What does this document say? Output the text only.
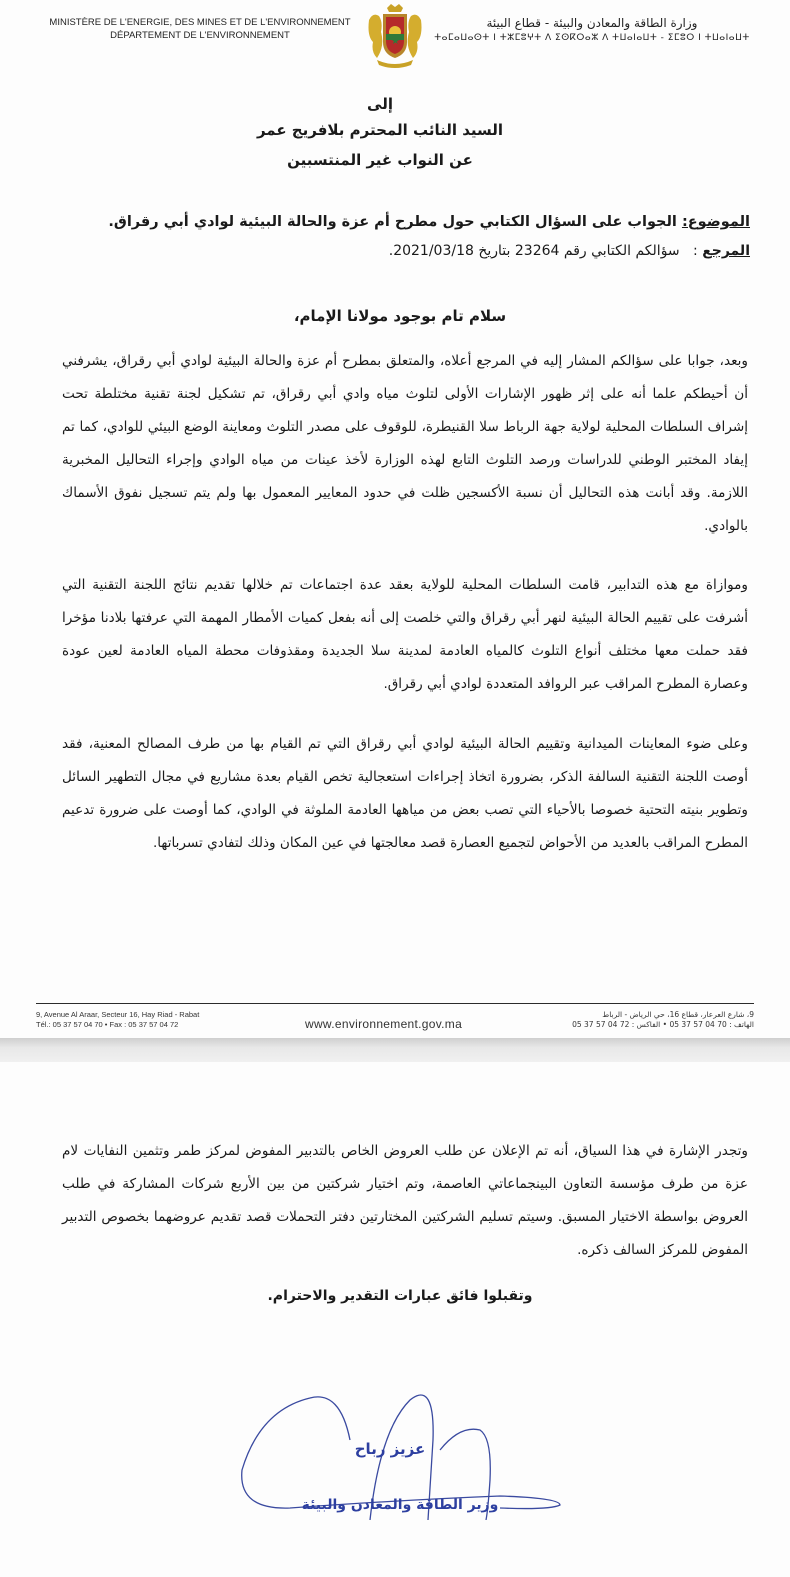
MINISTÈRE DE L'ENERGIE, DES MINES ET DE L'ENVIRONNEMENT
DÉPARTEMENT DE L'ENVIRONNEMENT
وزارة الطاقة والمعادن والبيئة - قطاع البيئة
ⵜⴰⵎⴰⵡⴰⵙⵜ ⵏ ⵜⵣⵎⵓⵖⵜ ⴷ ⵉⵙⴽⵔⴰⵣ ⴷ ⵜⵡⴰⵏⴰⵡⵜ - ⵉⵎⵓⵔ ⵏ ⵜⵡⴰⵏⴰⵡⵜ
إلى
السيد النائب المحترم بلافريج عمر
عن النواب غير المنتسبين
الموضوع: الجواب على السؤال الكتابي حول مطرح أم عزة والحالة البيئية لوادي أبي رقراق.
المرجع :   سؤالكم الكتابي رقم 23264 بتاريخ 2021/03/18.
سلام تام بوجود مولانا الإمام،
وبعد، جوابا على سؤالكم المشار إليه في المرجع أعلاه، والمتعلق بمطرح أم عزة والحالة البيئية لوادي أبي رقراق، يشرفني أن أحيطكم علما أنه على إثر ظهور الإشارات الأولى لتلوث مياه وادي أبي رقراق، تم تشكيل لجنة تقنية مختلطة تحت إشراف السلطات المحلية لولاية جهة الرباط سلا القنيطرة، للوقوف على مصدر التلوث ومعاينة الوضع البيئي للوادي، كما تم إيفاد المختبر الوطني للدراسات ورصد التلوث التابع لهذه الوزارة لأخذ عينات من مياه الوادي وإجراء التحاليل المخبرية اللازمة. وقد أبانت هذه التحاليل أن نسبة الأكسجين ظلت في حدود المعايير المعمول بها ولم يتم تسجيل نفوق الأسماك بالوادي.
وموازاة مع هذه التدابير، قامت السلطات المحلية للولاية بعقد عدة اجتماعات تم خلالها تقديم نتائج اللجنة التقنية التي أشرفت على تقييم الحالة البيئية لنهر أبي رقراق والتي خلصت إلى أنه بفعل كميات الأمطار المهمة التي عرفتها بلادنا مؤخرا فقد حملت معها مختلف أنواع التلوث كالمياه العادمة لمدينة سلا الجديدة ومقذوفات محطة المياه العادمة لعين عودة وعصارة المطرح المراقب عبر الروافد المتعددة لوادي أبي رقراق.
وعلى ضوء المعاينات الميدانية وتقييم الحالة البيئية لوادي أبي رقراق التي تم القيام بها من طرف المصالح المعنية، فقد أوصت اللجنة التقنية السالفة الذكر، بضرورة اتخاذ إجراءات استعجالية تخص القيام بعدة مشاريع في مجال التطهير السائل وتطوير بنيته التحتية خصوصا بالأحياء التي تصب بعض من مياهها العادمة الملوثة في الوادي، كما أوصت على ضرورة تدعيم المطرح المراقب بالعديد من الأحواض لتجميع العصارة قصد معالجتها في عين المكان وذلك لتفادي تسرباتها.
9, Avenue Al Araar, Secteur 16, Hay Riad - Rabat
Tél.: 05 37 57 04 70 • Fax : 05 37 57 04 72	www.environnement.gov.ma
9، شارع العرعار، قطاع 16، حي الرياض - الرباط
الهاتف : 70 04 57 37 05 • الفاكس : 72 04 57 37 05
وتجدر الإشارة في هذا السياق، أنه تم الإعلان عن طلب العروض الخاص بالتدبير المفوض لمركز طمر وتثمين النفايات لام عزة من طرف مؤسسة التعاون البينجماعاتي العاصمة، وتم اختيار شركتين من بين الأربع شركات المشاركة في طلب العروض بواسطة الاختيار المسبق. وسيتم تسليم الشركتين المختارتين دفتر التحملات قصد تقديم عروضهما بخصوص التدبير المفوض للمركز السالف ذكره.
وتقبلوا فائق عبارات التقدير والاحترام.
عزيز رباح
وزير الطاقة والمعادن والبيئة
